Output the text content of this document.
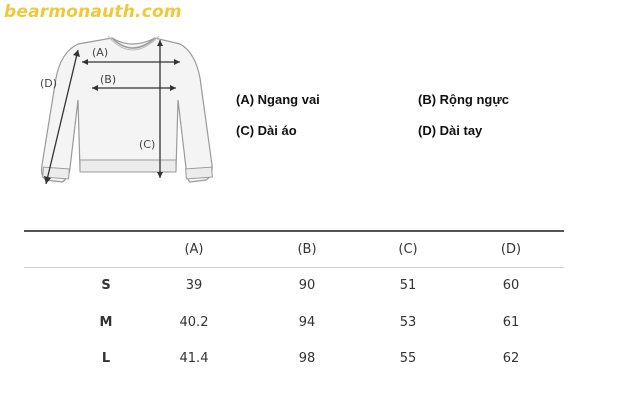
bearmonauth.com
(A)
(B)
(C)
(D)
(A) Ngang vai	(B) Rộng ngực
(C) Dài áo	(D) Dài tay
(A)	(B)	(C)	(D)
S	39	90	51	60
M	40.2	94	53	61
L	41.4	98	55	62
